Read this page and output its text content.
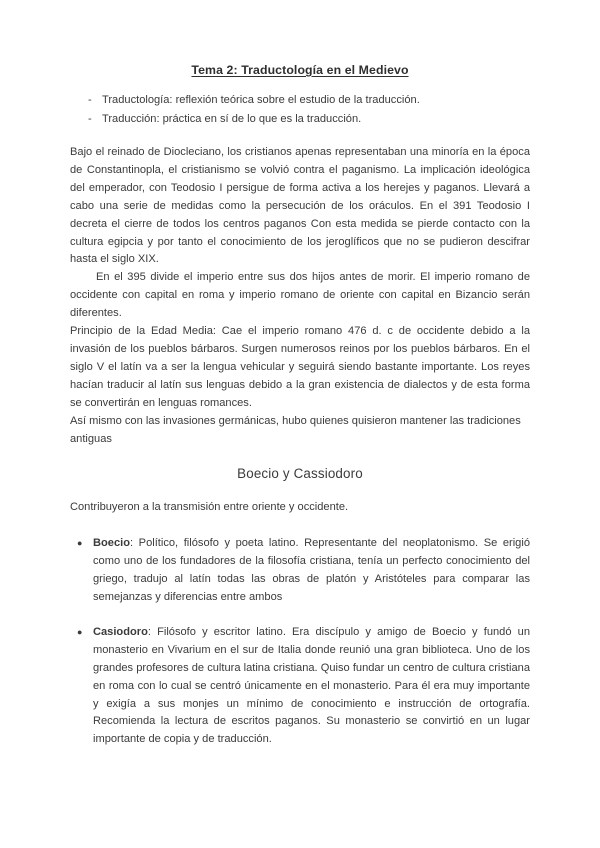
Tema 2: Traductología en el Medievo
- Traductología: reflexión teórica sobre el estudio de la traducción.
- Traducción: práctica en sí de lo que es la traducción.

Bajo el reinado de Diocleciano, los cristianos apenas representaban una minoría en la época de Constantinopla, el cristianismo se volvió contra el paganismo. La implicación ideológica del emperador, con Teodosio I persigue de forma activa a los herejes y paganos. Llevará a cabo una serie de medidas como la persecución de los oráculos. En el 391 Teodosio I decreta el cierre de todos los centros paganos Con esta medida se pierde contacto con la cultura egipcia y por tanto el conocimiento de los jeroglíficos que no se pudieron descifrar hasta el siglo XIX.

En el 395 divide el imperio entre sus dos hijos antes de morir. El imperio romano de occidente con capital en roma y imperio romano de oriente con capital en Bizancio serán diferentes.

Principio de la Edad Media: Cae el imperio romano 476 d. c de occidente debido a la invasión de los pueblos bárbaros. Surgen numerosos reinos por los pueblos bárbaros. En el siglo V el latín va a ser la lengua vehicular y seguirá siendo bastante importante. Los reyes hacían traducir al latín sus lenguas debido a la gran existencia de dialectos y de esta forma se convertirán en lenguas romances.

Así mismo con las invasiones germánicas, hubo quienes quisieron mantener las tradiciones antiguas

Boecio y Cassiodoro

Contribuyeron a la transmisión entre oriente y occidente.

● Boecio: Político, filósofo y poeta latino. Representante del neoplatonismo. Se erigió como uno de los fundadores de la filosofía cristiana, tenía un perfecto conocimiento del griego, tradujo al latín todas las obras de platón y Aristóteles para comparar las semejanzas y diferencias entre ambos
● Casiodoro: Filósofo y escritor latino. Era discípulo y amigo de Boecio y fundó un monasterio en Vivarium en el sur de Italia donde reunió una gran biblioteca. Uno de los grandes profesores de cultura latina cristiana. Quiso fundar un centro de cultura cristiana en roma con lo cual se centró únicamente en el monasterio. Para él era muy importante y exigía a sus monjes un mínimo de conocimiento e instrucción de ortografía. Recomienda la lectura de escritos paganos. Su monasterio se convirtió en un lugar importante de copia y de traducción.
